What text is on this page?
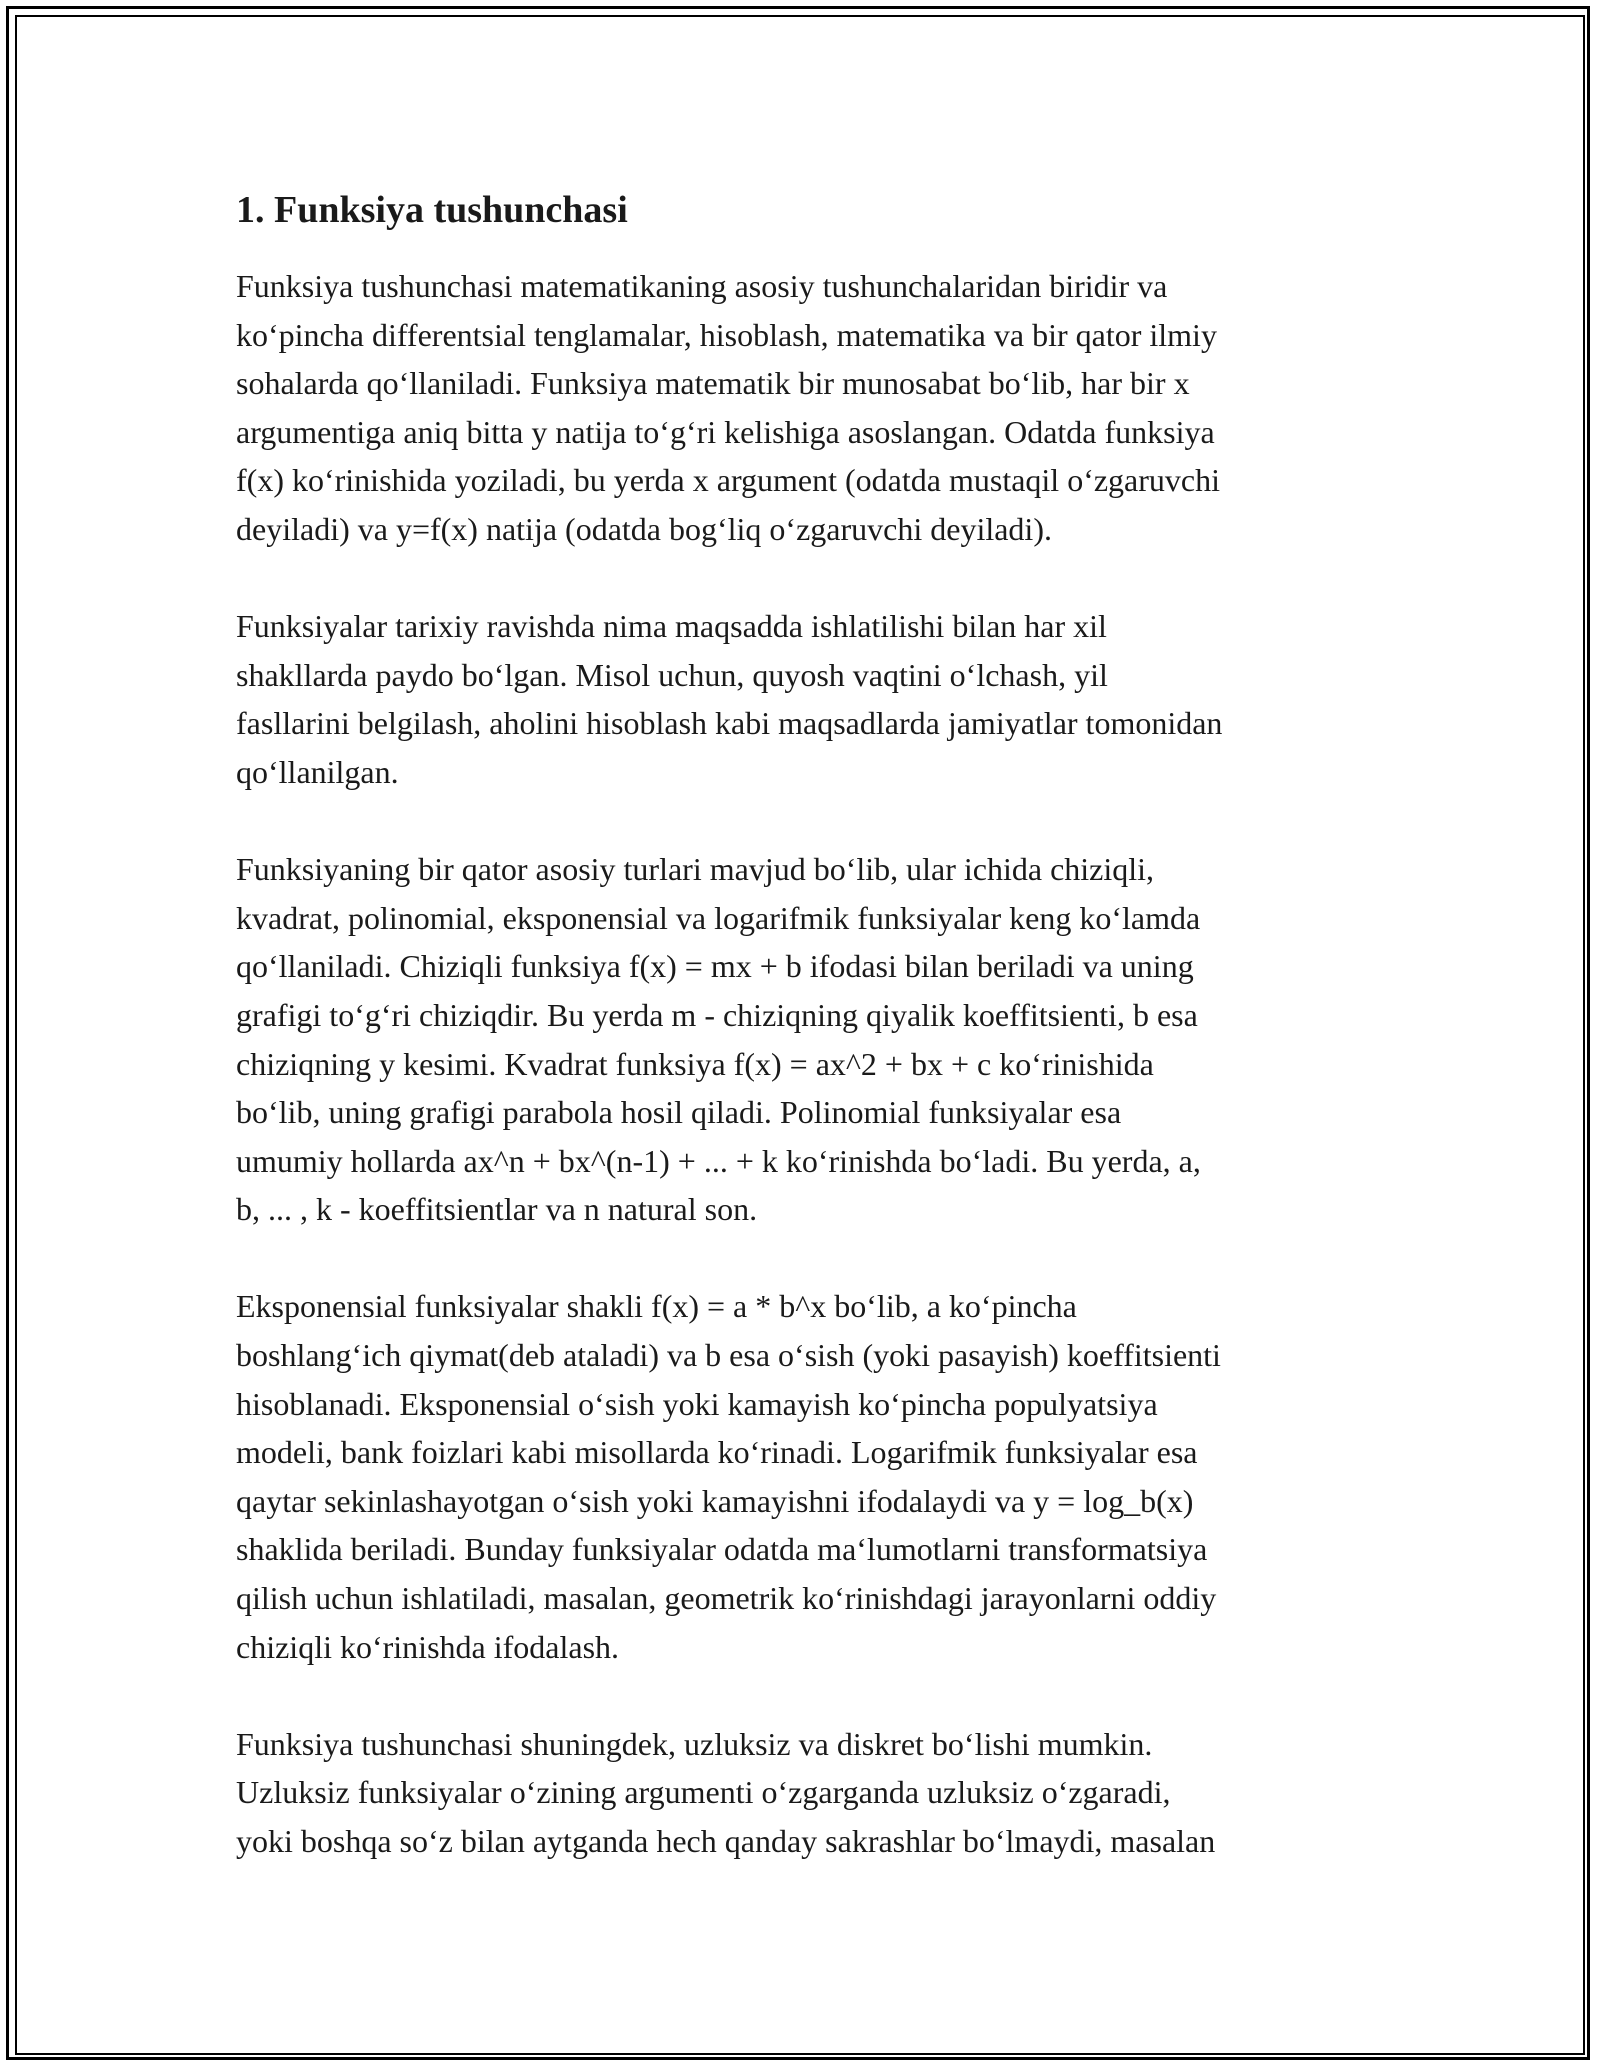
1. Funksiya tushunchasi

Funksiya tushunchasi matematikaning asosiy tushunchalaridan biridir va
ko‘pincha differentsial tenglamalar, hisoblash, matematika va bir qator ilmiy
sohalarda qo‘llaniladi. Funksiya matematik bir munosabat bo‘lib, har bir x
argumentiga aniq bitta y natija to‘g‘ri kelishiga asoslangan. Odatda funksiya
f(x) ko‘rinishida yoziladi, bu yerda x argument (odatda mustaqil o‘zgaruvchi
deyiladi) va y=f(x) natija (odatda bog‘liq o‘zgaruvchi deyiladi).

Funksiyalar tarixiy ravishda nima maqsadda ishlatilishi bilan har xil
shakllarda paydo bo‘lgan. Misol uchun, quyosh vaqtini o‘lchash, yil
fasllarini belgilash, aholini hisoblash kabi maqsadlarda jamiyatlar tomonidan
qo‘llanilgan.

Funksiyaning bir qator asosiy turlari mavjud bo‘lib, ular ichida chiziqli,
kvadrat, polinomial, eksponensial va logarifmik funksiyalar keng ko‘lamda
qo‘llaniladi. Chiziqli funksiya f(x) = mx + b ifodasi bilan beriladi va uning
grafigi to‘g‘ri chiziqdir. Bu yerda m - chiziqning qiyalik koeffitsienti, b esa
chiziqning y kesimi. Kvadrat funksiya f(x) = ax^2 + bx + c ko‘rinishida
bo‘lib, uning grafigi parabola hosil qiladi. Polinomial funksiyalar esa
umumiy hollarda ax^n + bx^(n-1) + ... + k ko‘rinishda bo‘ladi. Bu yerda, a,
b, ... , k - koeffitsientlar va n natural son.

Eksponensial funksiyalar shakli f(x) = a * b^x bo‘lib, a ko‘pincha
boshlang‘ich qiymat(deb ataladi) va b esa o‘sish (yoki pasayish) koeffitsienti
hisoblanadi. Eksponensial o‘sish yoki kamayish ko‘pincha populyatsiya
modeli, bank foizlari kabi misollarda ko‘rinadi. Logarifmik funksiyalar esa
qaytar sekinlashayotgan o‘sish yoki kamayishni ifodalaydi va y = log_b(x)
shaklida beriladi. Bunday funksiyalar odatda ma‘lumotlarni transformatsiya
qilish uchun ishlatiladi, masalan, geometrik ko‘rinishdagi jarayonlarni oddiy
chiziqli ko‘rinishda ifodalash.

Funksiya tushunchasi shuningdek, uzluksiz va diskret bo‘lishi mumkin.
Uzluksiz funksiyalar o‘zining argumenti o‘zgarganda uzluksiz o‘zgaradi,
yoki boshqa so‘z bilan aytganda hech qanday sakrashlar bo‘lmaydi, masalan
